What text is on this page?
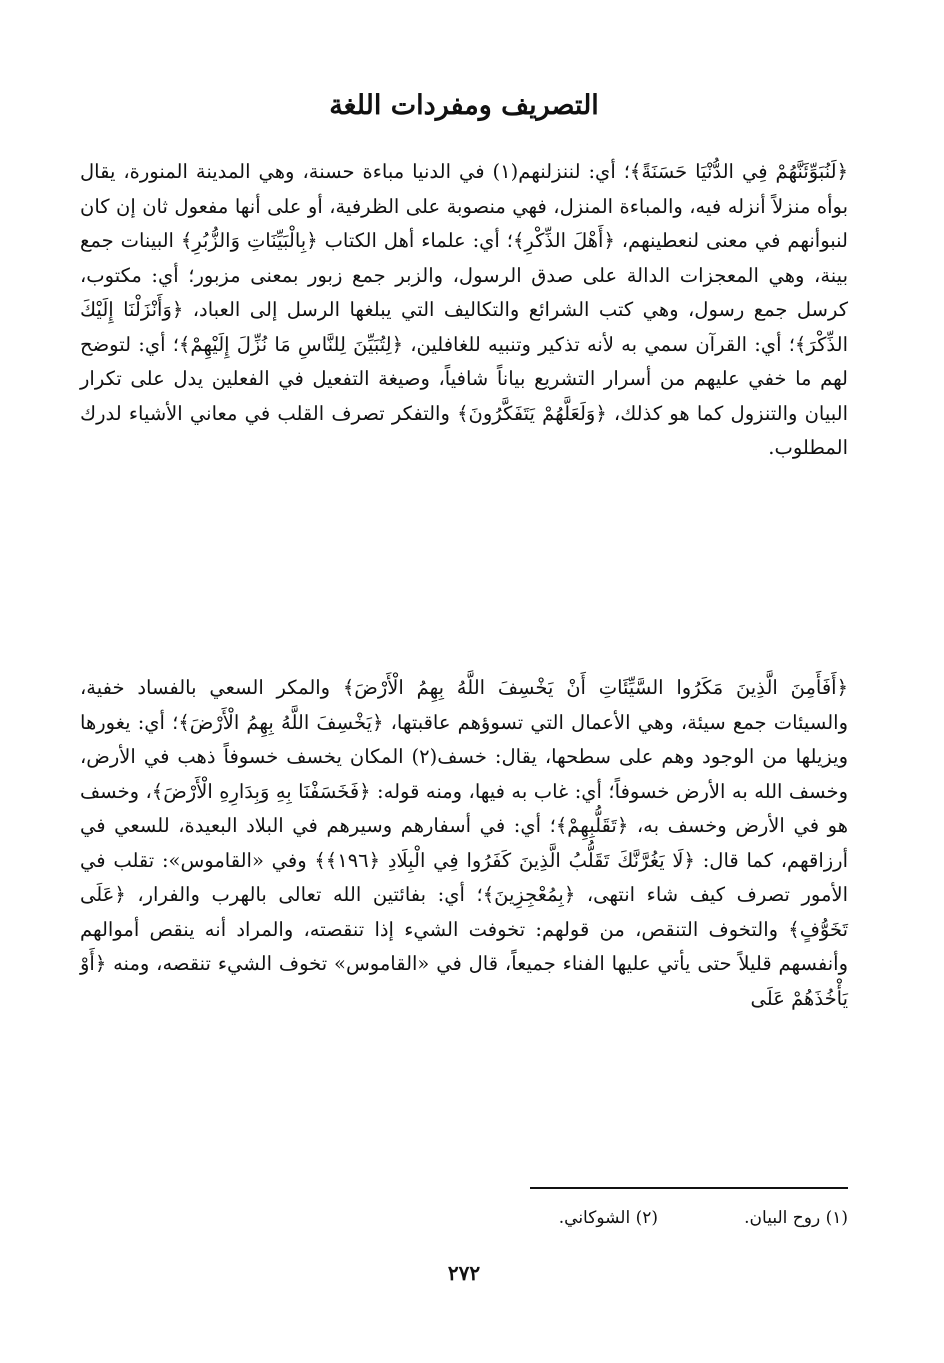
التصريف ومفردات اللغة

﴿لَنُبَوِّئَنَّهُمْ فِي الدُّنْيَا حَسَنَةً﴾؛ أي: لننزلنهم(١) في الدنيا مباءة حسنة، وهي المدينة المنورة، يقال بوأه منزلاً أنزله فيه، والمباءة المنزل، فهي منصوبة على الظرفية، أو على أنها مفعول ثان إن كان لنبوأنهم في معنى لنعطينهم، ﴿أَهْلَ الذِّكْرِ﴾؛ أي: علماء أهل الكتاب ﴿بِالْبَيِّنَاتِ وَالزُّبُرِ﴾ البينات جمع بينة، وهي المعجزات الدالة على صدق الرسول، والزبر جمع زبور بمعنى مزبور؛ أي: مكتوب، كرسل جمع رسول، وهي كتب الشرائع والتكاليف التي يبلغها الرسل إلى العباد، ﴿وَأَنْزَلْنَا إِلَيْكَ الذِّكْرَ﴾؛ أي: القرآن سمي به لأنه تذكير وتنبيه للغافلين، ﴿لِتُبَيِّنَ لِلنَّاسِ مَا نُزِّلَ إِلَيْهِمْ﴾؛ أي: لتوضح لهم ما خفي عليهم من أسرار التشريع بياناً شافياً، وصيغة التفعيل في الفعلين يدل على تكرار البيان والتنزول كما هو كذلك، ﴿وَلَعَلَّهُمْ يَتَفَكَّرُونَ﴾ والتفكر تصرف القلب في معاني الأشياء لدرك المطلوب.

﴿أَفَأَمِنَ الَّذِينَ مَكَرُوا السَّيِّئَاتِ أَنْ يَخْسِفَ اللَّهُ بِهِمُ الْأَرْضَ﴾ والمكر السعي بالفساد خفية، والسيئات جمع سيئة، وهي الأعمال التي تسوؤهم عاقبتها، ﴿يَخْسِفَ اللَّهُ بِهِمُ الْأَرْضَ﴾؛ أي: يغورها ويزيلها من الوجود وهم على سطحها، يقال: خسف(٢) المكان يخسف خسوفاً ذهب في الأرض، وخسف الله به الأرض خسوفاً؛ أي: غاب به فيها، ومنه قوله: ﴿فَخَسَفْنَا بِهِ وَبِدَارِهِ الْأَرْضَ﴾، وخسف هو في الأرض وخسف به، ﴿تَقَلُّبِهِمْ﴾؛ أي: في أسفارهم وسيرهم في البلاد البعيدة، للسعي في أرزاقهم، كما قال: ﴿لَا يَغُرَّنَّكَ تَقَلُّبُ الَّذِينَ كَفَرُوا فِي الْبِلَادِ ﴿١٩٦﴾﴾ وفي «القاموس»: تقلب في الأمور تصرف كيف شاء انتهى، ﴿بِمُعْجِزِينَ﴾؛ أي: بفائتين الله تعالى بالهرب والفرار، ﴿عَلَى تَخَوُّفٍ﴾ والتخوف التنقص، من قولهم: تخوفت الشيء إذا تنقصته، والمراد أنه ينقص أموالهم وأنفسهم قليلاً حتى يأتي عليها الفناء جميعاً، قال في «القاموس» تخوف الشيء تنقصه، ومنه ﴿أَوْ يَأْخُذَهُمْ عَلَى

(١) روح البيان.
(٢) الشوكاني.
٢٧٢
